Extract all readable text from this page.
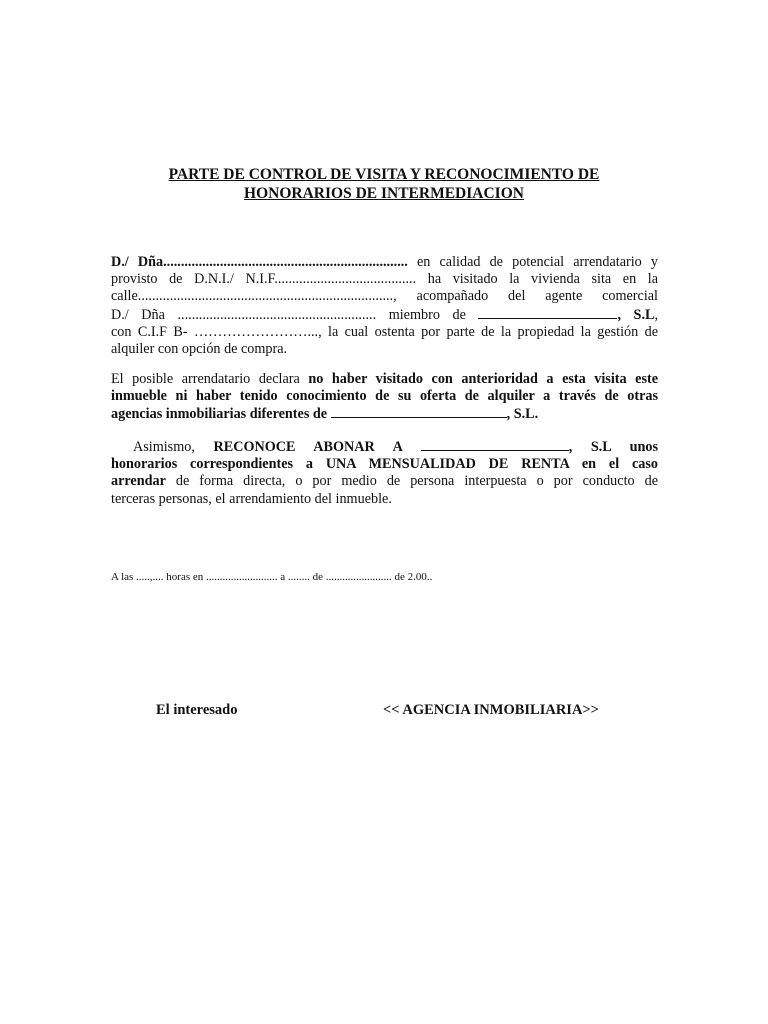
PARTE DE CONTROL DE VISITA Y RECONOCIMIENTO DE
HONORARIOS DE INTERMEDIACION
D./ Dña..................................................................... en calidad de potencial arrendatario y
provisto de D.N.I./ N.I.F........................................ ha visitado la vivienda sita en la
calle........................................................................, acompañado del agente comercial
D./ Dña ........................................................ miembro de	, S.L,
con C.I.F B- ……………………..., la cual ostenta por parte de la propiedad la gestión de
alquiler con opción de compra.
El posible arrendatario declara no haber visitado con anterioridad a esta visita este
inmueble ni haber tenido conocimiento de su oferta de alquiler a través de otras
agencias inmobiliarias diferentes de	, S.L.
Asimismo, RECONOCE ABONAR A	, S.L unos
honorarios correspondientes a UNA MENSUALIDAD DE RENTA en el caso
arrendar de forma directa, o por medio de persona interpuesta o por conducto de
terceras personas, el arrendamiento del inmueble.
A las .....,.... horas en .......................... a ........ de ........................ de 2.00..
El interesado	<< AGENCIA INMOBILIARIA>>
